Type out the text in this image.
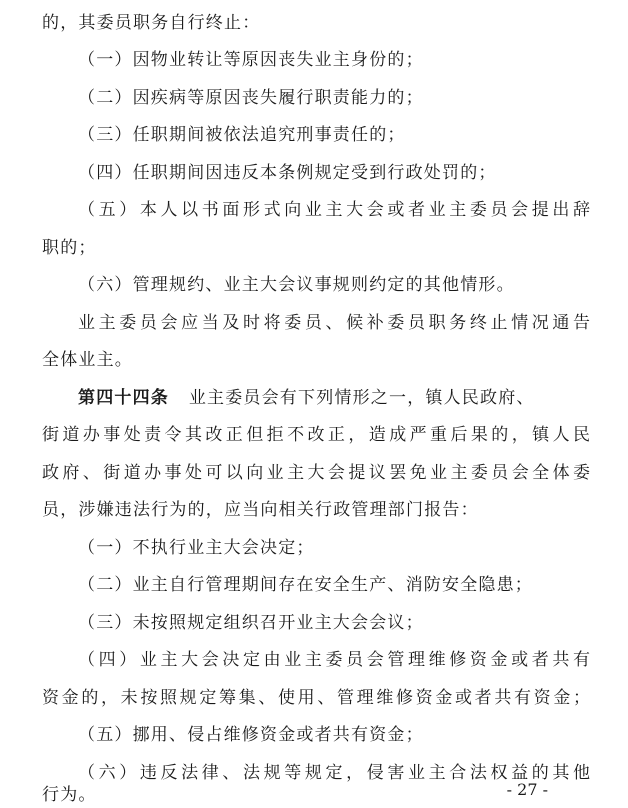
的，其委员职务自行终止：
（一）因物业转让等原因丧失业主身份的；
（二）因疾病等原因丧失履行职责能力的；
（三）任职期间被依法追究刑事责任的；
（四）任职期间因违反本条例规定受到行政处罚的；
（五）本人以书面形式向业主大会或者业主委员会提出辞
职的；
（六）管理规约、业主大会议事规则约定的其他情形。
业主委员会应当及时将委员、候补委员职务终止情况通告
全体业主。
第四十四条 业主委员会有下列情形之一，镇人民政府、
街道办事处责令其改正但拒不改正，造成严重后果的，镇人民
政府、街道办事处可以向业主大会提议罢免业主委员会全体委
员，涉嫌违法行为的，应当向相关行政管理部门报告：
（一）不执行业主大会决定；
（二）业主自行管理期间存在安全生产、消防安全隐患；
（三）未按照规定组织召开业主大会会议；
（四）业主大会决定由业主委员会管理维修资金或者共有
资金的，未按照规定筹集、使用、管理维修资金或者共有资金；
（五）挪用、侵占维修资金或者共有资金；
（六）违反法律、法规等规定，侵害业主合法权益的其他
行为。	- 27 -
